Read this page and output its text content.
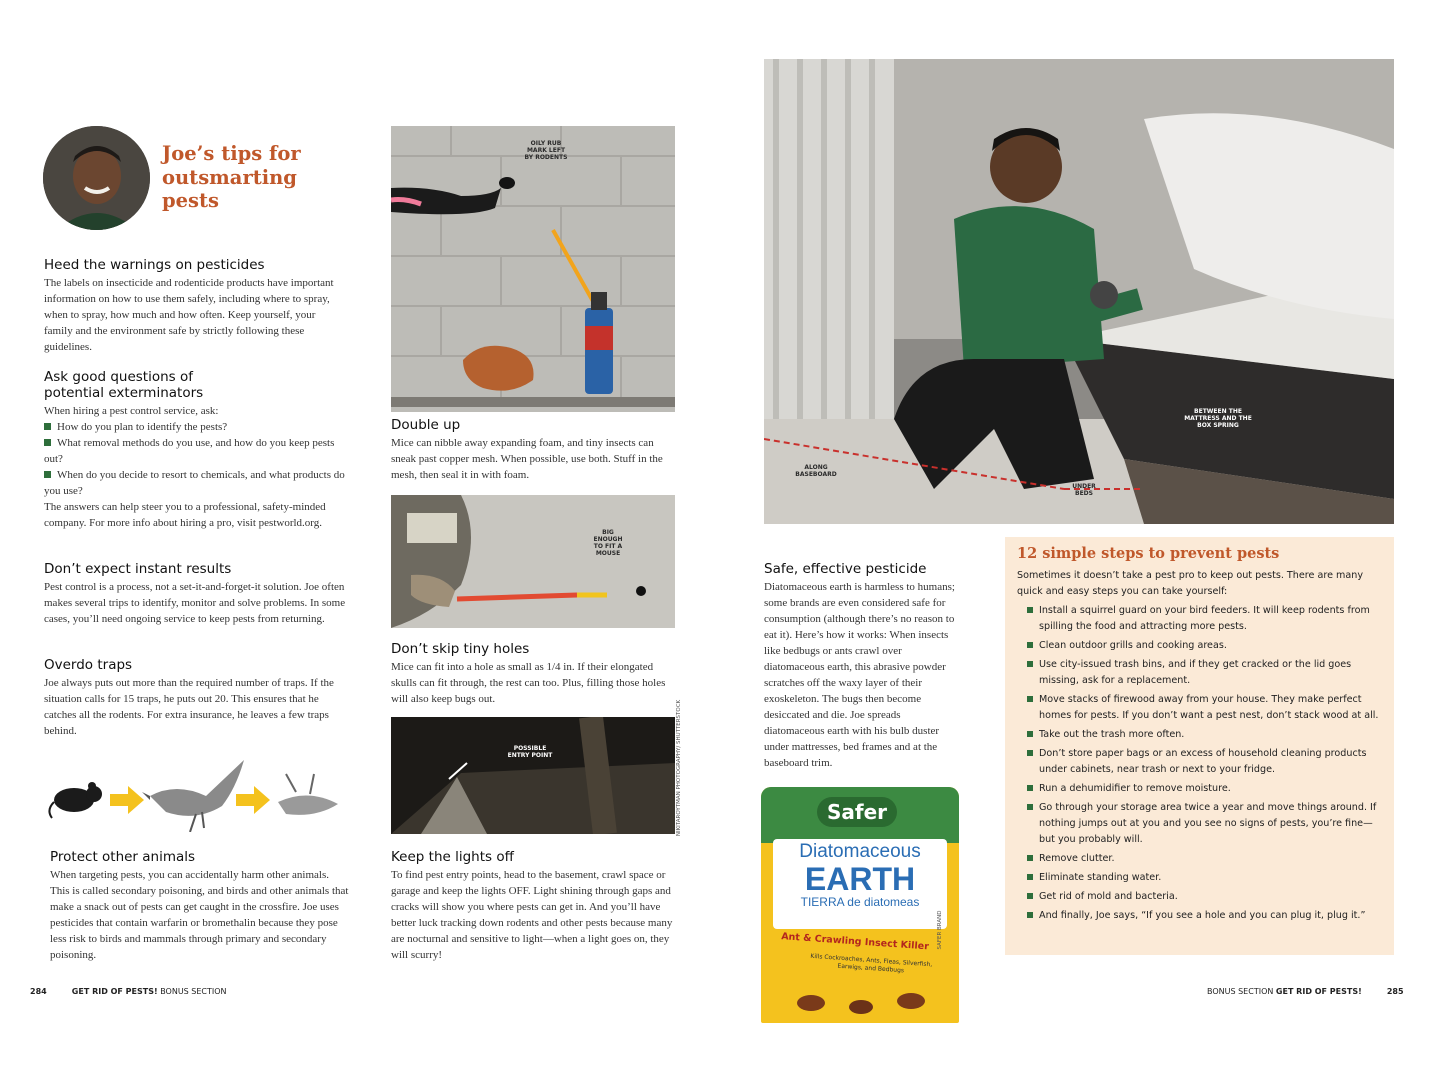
Joe’s tips for outsmarting pests
Heed the warnings on pesticides
The labels on insecticide and rodenticide products have important information on how to use them safely, including where to spray, when to spray, how much and how often. Keep yourself, your family and the environment safe by strictly following these guidelines.
Ask good questions of potential exterminators
When hiring a pest control service, ask:
How do you plan to identify the pests?
What removal methods do you use, and how do you keep pests out?
When do you decide to resort to chemicals, and what products do you use?
The answers can help steer you to a professional, safety-minded company. For more info about hiring a pro, visit pestworld.org.
Don’t expect instant results
Pest control is a process, not a set-it-and-forget-it solution. Joe often makes several trips to identify, monitor and solve problems. In some cases, you’ll need ongoing service to keep pests from returning.
Overdo traps
Joe always puts out more than the required number of traps. If the situation calls for 15 traps, he puts out 20. This ensures that he catches all the rodents. For extra insurance, he leaves a few traps behind.
Protect other animals
When targeting pests, you can accidentally harm other animals. This is called secondary poisoning, and birds and other animals that make a snack out of pests can get caught in the crossfire. Joe uses pesticides that contain warfarin or bromethalin because they pose less risk to birds and mammals through primary and secondary poisoning.
OILY RUB MARK LEFT BY RODENTS
Double up
Mice can nibble away expanding foam, and tiny insects can sneak past copper mesh. When possible, use both. Stuff in the mesh, then seal it in with foam.
BIG ENOUGH TO FIT A MOUSE
Don’t skip tiny holes
Mice can fit into a hole as small as 1/4 in. If their elongated skulls can fit through, the rest can too. Plus, filling those holes will also keep bugs out.
POSSIBLE ENTRY POINT	NIKITAROYTMAN PHOTOGRAPHY/ SHUTTERSTOCK
Keep the lights off
To find pest entry points, head to the basement, crawl space or garage and keep the lights OFF. Light shining through gaps and cracks will show you where pests can get in. And you’ll have better luck tracking down rodents and other pests because many are nocturnal and sensitive to light—when a light goes on, they will scurry!
284	GET RID OF PESTS! BONUS SECTION
ALONG BASEBOARD
BETWEEN THE MATTRESS AND THE BOX SPRING
UNDER BEDS
Safe, effective pesticide
Diatomaceous earth is harmless to humans; some brands are even considered safe for consumption (although there’s no reason to eat it). Here’s how it works: When insects like bedbugs or ants crawl over diatomaceous earth, this abrasive powder scratches off the waxy layer of their exoskeleton. The bugs then become desiccated and die. Joe spreads diatomaceous earth with his bulb duster under mattresses, bed frames and at the baseboard trim.
Safer
Diatomaceous
EARTH
TIERRA de diatomeas
Ant & Crawling Insect Killer
Kills Cockroaches, Ants, Fleas, Silverfish, Earwigs, and Bedbugs
SAFER BRAND
12 simple steps to prevent pests
Sometimes it doesn’t take a pest pro to keep out pests. There are many quick and easy steps you can take yourself:
Install a squirrel guard on your bird feeders. It will keep rodents from spilling the food and attracting more pests.
Clean outdoor grills and cooking areas.
Use city-issued trash bins, and if they get cracked or the lid goes missing, ask for a replacement.
Move stacks of firewood away from your house. They make perfect homes for pests. If you don’t want a pest nest, don’t stack wood at all.
Take out the trash more often.
Don’t store paper bags or an excess of household cleaning products under cabinets, near trash or next to your fridge.
Run a dehumidifier to remove moisture.
Go through your storage area twice a year and move things around. If nothing jumps out at you and you see no signs of pests, you’re fine—but you probably will.
Remove clutter.
Eliminate standing water.
Get rid of mold and bacteria.
And finally, Joe says, “If you see a hole and you can plug it, plug it.”
BONUS SECTION GET RID OF PESTS!	285
